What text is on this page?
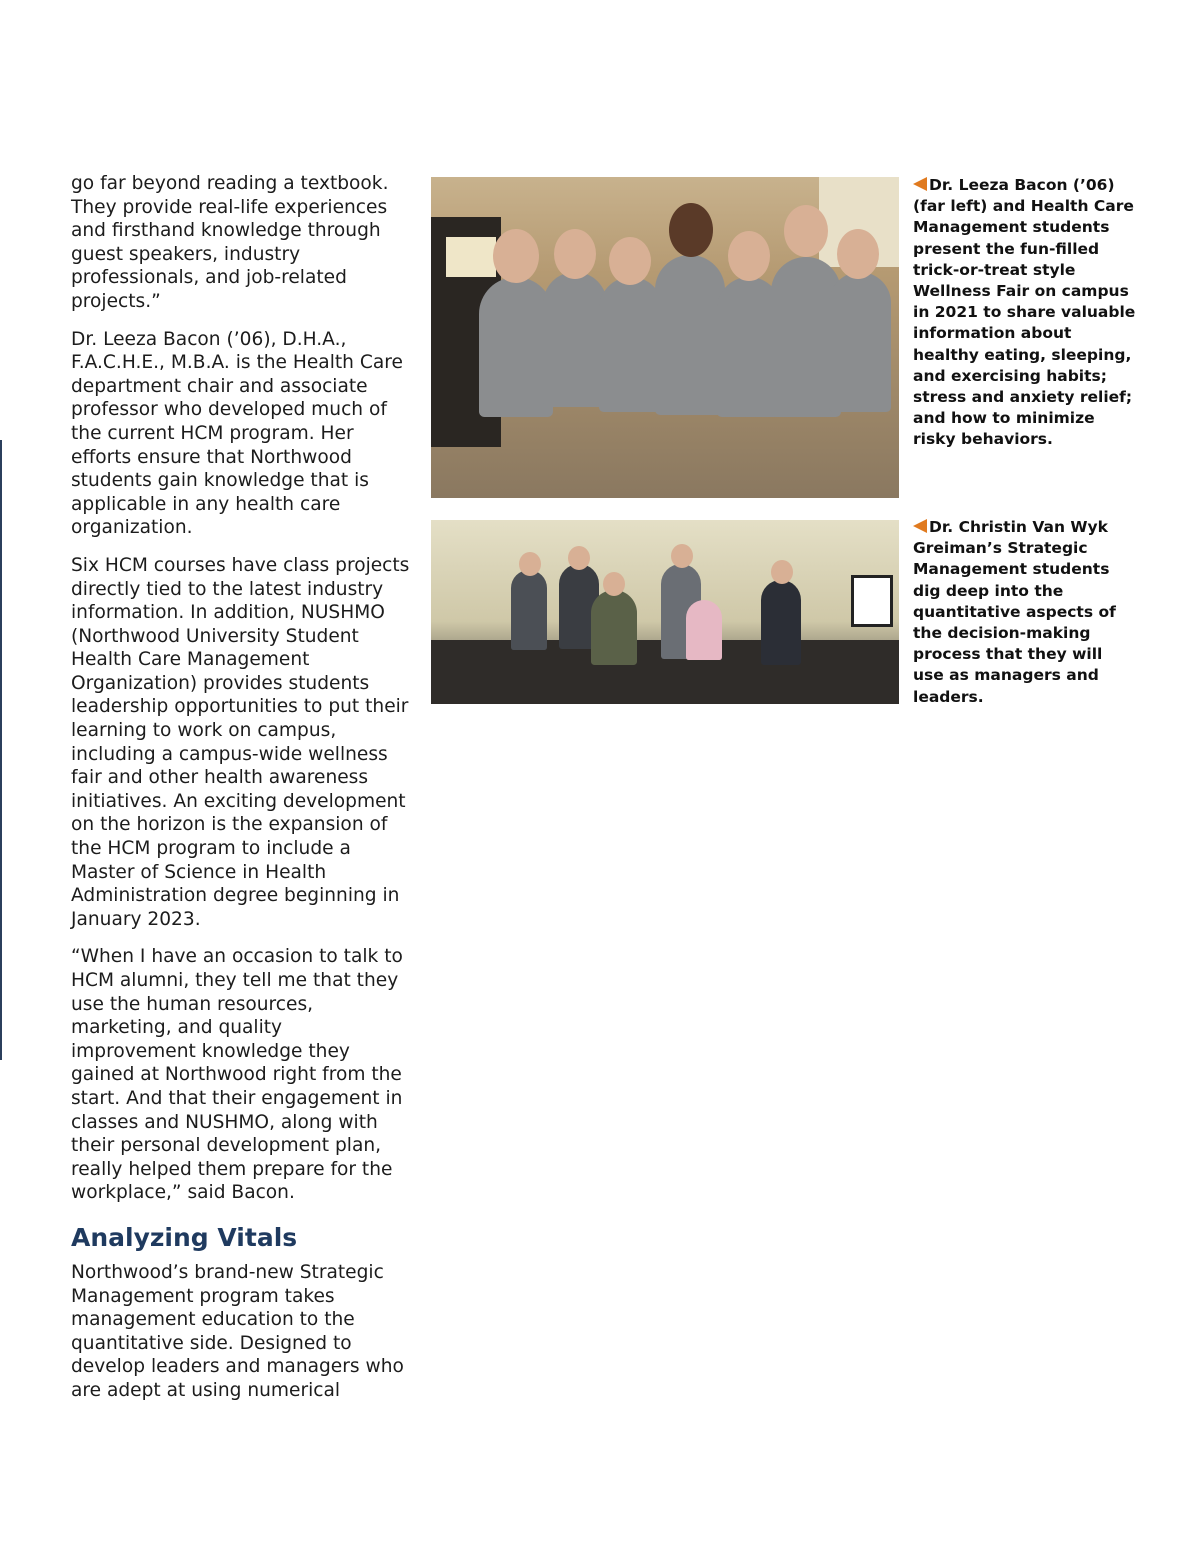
go far beyond reading a textbook. They provide real-life experiences and firsthand knowledge through guest speakers, industry professionals, and job-related projects.”

Dr. Leeza Bacon (’06), D.H.A., F.A.C.H.E., M.B.A. is the Health Care department chair and associate professor who developed much of the current HCM program. Her efforts ensure that Northwood students gain knowledge that is applicable in any health care organization.

Six HCM courses have class projects directly tied to the latest industry information. In addition, NUSHMO (Northwood University Student Health Care Management Organization) provides students leadership opportunities to put their learning to work on campus, including a campus-wide wellness fair and other health awareness initiatives. An exciting development on the horizon is the expansion of the HCM program to include a Master of Science in Health Administration degree beginning in January 2023.

“When I have an occasion to talk to HCM alumni, they tell me that they use the human resources, marketing, and quality improvement knowledge they gained at Northwood right from the start. And that their engagement in classes and NUSHMO, along with their personal development plan, really helped them prepare for the workplace,” said Bacon.

Analyzing Vitals

Northwood’s brand-new Strategic Management program takes management education to the quantitative side. Designed to develop leaders and managers who are adept at using numerical

Dr. Leeza Bacon (’06) (far left) and Health Care Management students present the fun-filled trick-or-treat style Wellness Fair on campus in 2021 to share valuable information about healthy eating, sleeping, and exercising habits; stress and anxiety relief; and how to minimize risky behaviors.
Dr. Christin Van Wyk Greiman’s Strategic Management students dig deep into the quantitative aspects of the decision-making process that they will use as managers and leaders.
